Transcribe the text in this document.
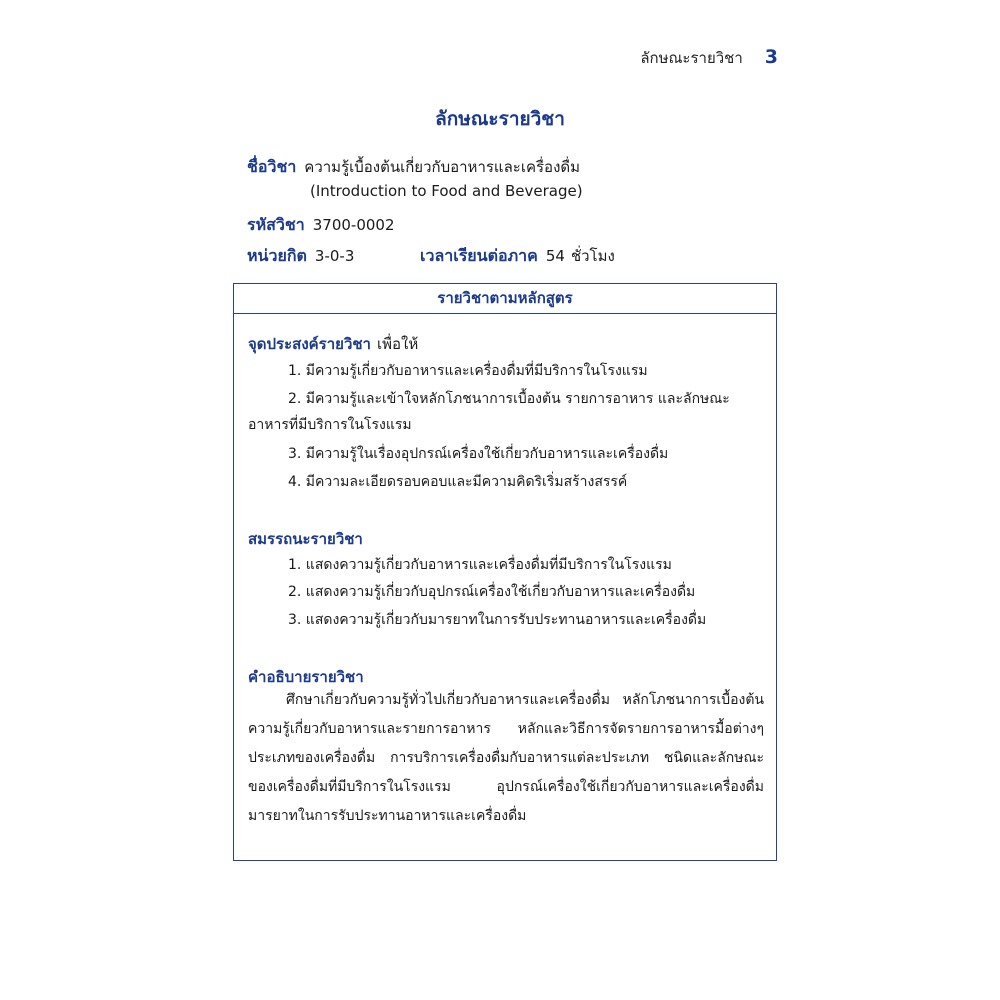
ลักษณะรายวิชา 3
ลักษณะรายวิชา
ชื่อวิชา ความรู้เบื้องต้นเกี่ยวกับอาหารและเครื่องดื่ม
(Introduction to Food and Beverage)
รหัสวิชา 3700-0002
หน่วยกิต 3-0-3	เวลาเรียนต่อภาค 54 ชั่วโมง
รายวิชาตามหลักสูตร
จุดประสงค์รายวิชา เพื่อให้
1. มีความรู้เกี่ยวกับอาหารและเครื่องดื่มที่มีบริการในโรงแรม
2. มีความรู้และเข้าใจหลักโภชนาการเบื้องต้น รายการอาหาร และลักษณะ
อาหารที่มีบริการในโรงแรม
3. มีความรู้ในเรื่องอุปกรณ์เครื่องใช้เกี่ยวกับอาหารและเครื่องดื่ม
4. มีความละเอียดรอบคอบและมีความคิดริเริ่มสร้างสรรค์
สมรรถนะรายวิชา
1. แสดงความรู้เกี่ยวกับอาหารและเครื่องดื่มที่มีบริการในโรงแรม
2. แสดงความรู้เกี่ยวกับอุปกรณ์เครื่องใช้เกี่ยวกับอาหารและเครื่องดื่ม
3. แสดงความรู้เกี่ยวกับมารยาทในการรับประทานอาหารและเครื่องดื่ม
คำอธิบายรายวิชา
ศึกษาเกี่ยวกับความรู้ทั่วไปเกี่ยวกับอาหารและเครื่องดื่ม หลักโภชนาการเบื้องต้น ความรู้เกี่ยวกับอาหารและรายการอาหาร หลักและวิธีการจัดรายการอาหารมื้อต่างๆ ประเภทของเครื่องดื่ม การบริการเครื่องดื่มกับอาหารแต่ละประเภท ชนิดและลักษณะของเครื่องดื่มที่มีบริการในโรงแรม อุปกรณ์เครื่องใช้เกี่ยวกับอาหารและเครื่องดื่ม มารยาทในการรับประทานอาหารและเครื่องดื่ม
